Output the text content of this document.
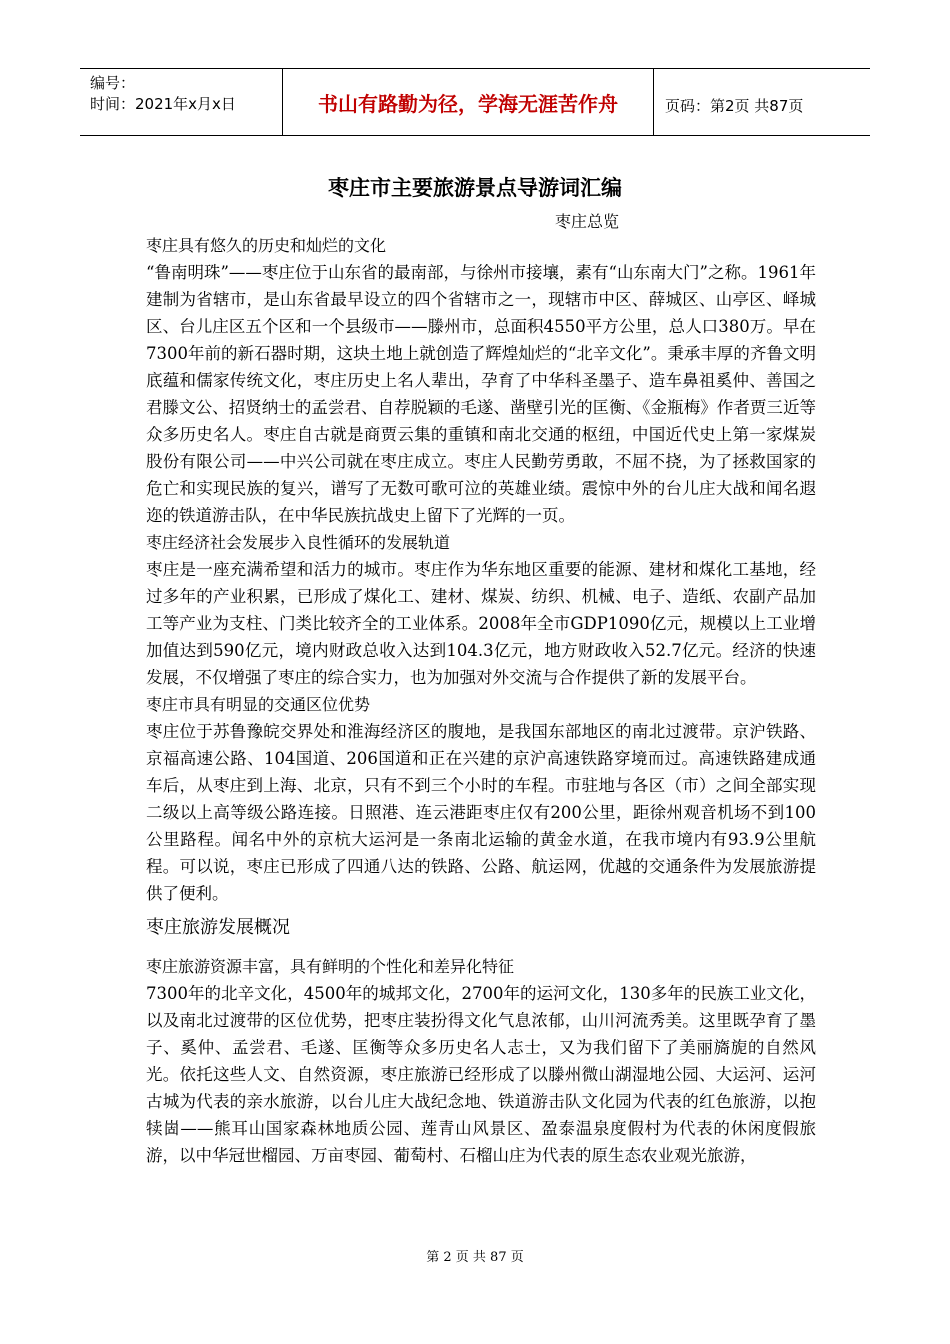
编号：
时间：2021年x月x日	书山有路勤为径，学海无涯苦作舟	页码：第2页 共87页
枣庄市主要旅游景点导游词汇编
枣庄总览

枣庄具有悠久的历史和灿烂的文化

“鲁南明珠”——枣庄位于山东省的最南部，与徐州市接壤，素有“山东南大门”之称。1961年建制为省辖市，是山东省最早设立的四个省辖市之一，现辖市中区、薛城区、山亭区、峄城区、台儿庄区五个区和一个县级市——滕州市，总面积4550平方公里，总人口380万。早在7300年前的新石器时期，这块土地上就创造了辉煌灿烂的“北辛文化”。秉承丰厚的齐鲁文明底蕴和儒家传统文化，枣庄历史上名人辈出，孕育了中华科圣墨子、造车鼻祖奚仲、善国之君滕文公、招贤纳士的孟尝君、自荐脱颖的毛遂、凿壁引光的匡衡、《金瓶梅》作者贾三近等众多历史名人。枣庄自古就是商贾云集的重镇和南北交通的枢纽，中国近代史上第一家煤炭股份有限公司——中兴公司就在枣庄成立。枣庄人民勤劳勇敢，不屈不挠，为了拯救国家的危亡和实现民族的复兴，谱写了无数可歌可泣的英雄业绩。震惊中外的台儿庄大战和闻名遐迩的铁道游击队，在中华民族抗战史上留下了光辉的一页。

枣庄经济社会发展步入良性循环的发展轨道

枣庄是一座充满希望和活力的城市。枣庄作为华东地区重要的能源、建材和煤化工基地，经过多年的产业积累，已形成了煤化工、建材、煤炭、纺织、机械、电子、造纸、农副产品加工等产业为支柱、门类比较齐全的工业体系。2008年全市GDP1090亿元，规模以上工业增加值达到590亿元，境内财政总收入达到104.3亿元，地方财政收入52.7亿元。经济的快速发展，不仅增强了枣庄的综合实力，也为加强对外交流与合作提供了新的发展平台。

枣庄市具有明显的交通区位优势

枣庄位于苏鲁豫皖交界处和淮海经济区的腹地，是我国东部地区的南北过渡带。京沪铁路、京福高速公路、104国道、206国道和正在兴建的京沪高速铁路穿境而过。高速铁路建成通车后，从枣庄到上海、北京，只有不到三个小时的车程。市驻地与各区（市）之间全部实现二级以上高等级公路连接。日照港、连云港距枣庄仅有200公里，距徐州观音机场不到100公里路程。闻名中外的京杭大运河是一条南北运输的黄金水道，在我市境内有93.9公里航程。可以说，枣庄已形成了四通八达的铁路、公路、航运网，优越的交通条件为发展旅游提供了便利。

枣庄旅游发展概况

枣庄旅游资源丰富，具有鲜明的个性化和差异化特征

7300年的北辛文化，4500年的城邦文化，2700年的运河文化，130多年的民族工业文化，以及南北过渡带的区位优势，把枣庄装扮得文化气息浓郁，山川河流秀美。这里既孕育了墨子、奚仲、孟尝君、毛遂、匡衡等众多历史名人志士，又为我们留下了美丽旖旎的自然风光。依托这些人文、自然资源，枣庄旅游已经形成了以滕州微山湖湿地公园、大运河、运河古城为代表的亲水旅游，以台儿庄大战纪念地、铁道游击队文化园为代表的红色旅游，以抱犊崮——熊耳山国家森林地质公园、莲青山风景区、盈泰温泉度假村为代表的休闲度假旅游，以中华冠世榴园、万亩枣园、葡萄村、石榴山庄为代表的原生态农业观光旅游，

第 2 页 共 87 页
